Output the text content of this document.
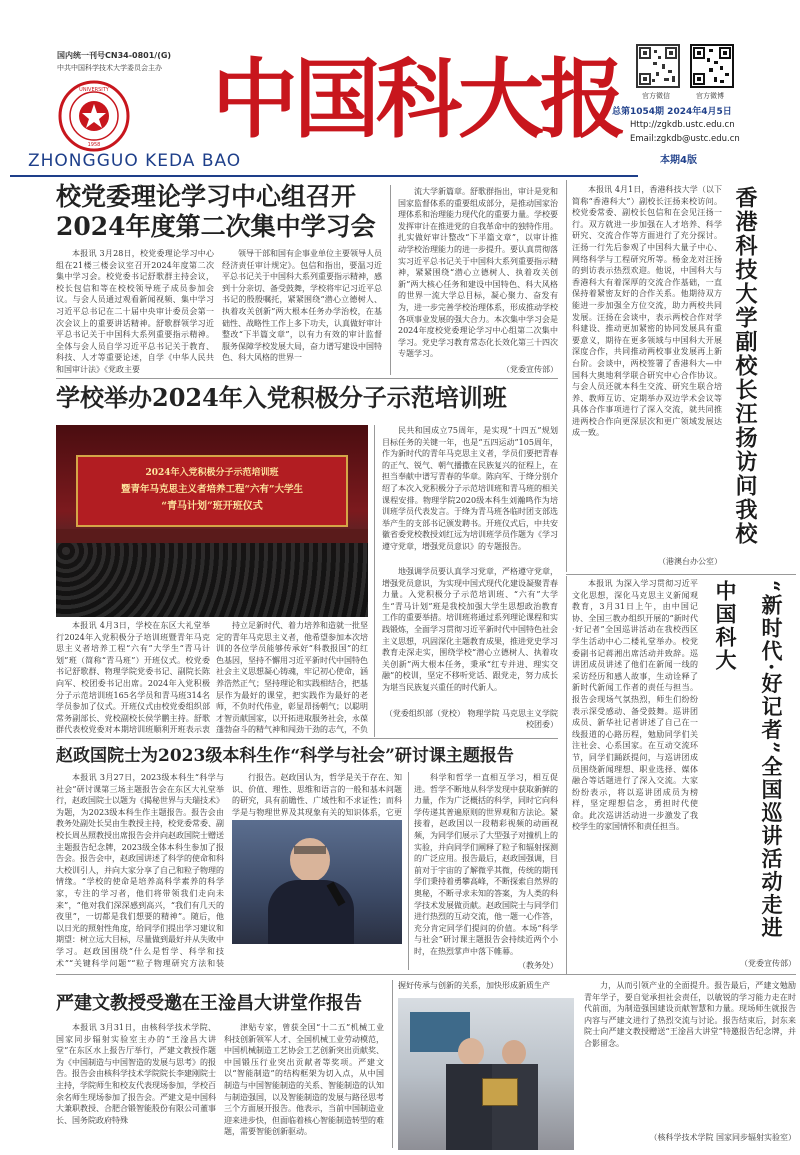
国内统一刊号CN34-0801/(G)
中共中国科学技术大学委员会主办
UNIVERSITY
1958 中国科大报
ZHONGGUO KEDA BAO
官方微信	官方微博
总第1054期 2024年4月5日
Http://zgkdb.ustc.edu.cn
Email:zgkdb@ustc.edu.cn
本期4版
校党委理论学习中心组召开
2024年度第二次集中学习会
本报讯 3月28日，校党委理论学习中心组在21楼三楼会议室召开2024年度第二次集中学习会。校党委书记舒歌群主持会议，校长包信和等在校校领导班子成员参加会议。与会人员通过观看新闻视频、集中学习习近平总书记在二十届中央审计委员会第一次会议上的重要讲话精神。舒歌群领学习近平总书记关于中国科大系列重要指示精神。全体与会人员自学习近平总书记关于教育、科技、人才等重要论述，自学《中华人民共和国审计法》《党政主要
领导干部和国有企事业单位主要领导人员经济责任审计规定》。包信和指出，要温习近平总书记关于中国科大系列重要指示精神，感到十分亲切、备受鼓舞，学校将牢记习近平总书记的殷殷嘱托，紧紧围绕“潜心立德树人、执着攻关创新”两大根本任务办学治校，在基础性、战略性工作上多下功夫，认真做好审计整改“下半篇文章”，以有力有效的审计监督服务保障学校发展大局，奋力谱写建设中国特色、科大风格的世界一
流大学新篇章。舒歌群指出，审计是党和国家监督体系的重要组成部分，是推动国家治理体系和治理能力现代化的重要力量。学校要发挥审计在推进党的自我革命中的独特作用。扎实做好审计整改“下半篇文章”，以审计推动学校治理能力的进一步提升。要认真贯彻落实习近平总书记关于中国科大系列重要指示精神，紧紧围绕“潜心立德树人、执着攻关创新”两大核心任务和建设中国特色、科大风格的世界一流大学总目标，凝心聚力、奋发有为，进一步完善学校治理体系，形成推动学校各项事业发展的强大合力。本次集中学习会是2024年度校党委理论学习中心组第二次集中学习。党史学习教育常态化长效化第三十四次专题学习。
（党委宣传部）
学校举办2024年入党积极分子示范培训班
2024年入党积极分子示范培训班
暨青年马克思主义者培养工程“六有”大学生
“青马计划”班开班仪式
本报讯 4月3日，学校在东区大礼堂举行2024年入党积极分子培训班暨青年马克思主义者培养工程“六有”大学生“青马计划”班（简称“青马班”）开班仪式。校党委书记舒歌群、物理学院党委书记、副院长陈向军、校团委书记出席。2024年入党积极分子示范培训班165名学员和青马班314名学员参加了仪式。开班仪式由校党委组织部常务副部长、党校副校长侯学鹏主持。舒歌群代表校党委对本期培训班顺利开班表示衷
持立足新时代、着力培养和造就一批坚定的青年马克思主义者，他希望参加本次培训的各位学员能够传承好“科教报国”的红色基因，坚持不懈用习近平新时代中国特色社会主义思想凝心铸魂，牢记初心使命，涵养浩然正气；坚持理论和实践相结合，把基层作为最好的课堂，把实践作为最好的老师，不负时代伟业，彰显昂扬朝气；以聪明才智贡献国家，以开拓进取服务社会，永葆蓬勃奋斗的精气神和闯劲干劲的志气，不负
民共和国成立75周年，是实现“十四五”规划目标任务的关键一年，也是“五四运动”105周年，作为新时代的青年马克思主义者，学员们要把青春的正气、锐气、朝气播撒在民族复兴的征程上，在担当奉献中谱写青春的华章。陈向军、于绛分别介绍了本次入党积极分子示范培训班和青马班的相关课程安排。物理学院2020级本科生刘瀚鸣作为培训班学员代表发言。于绛为青马班各临时团支部选举产生的支部书记颁发聘书。开班仪式后，中共安徽省委党校教授刘红远为培训班学员作题为《学习遵守党章，增强党员意识》的专题报告。
地强调学员要认真学习党章，严格遵守党章，增强党员意识，为实现中国式现代化建设凝聚青春力量。入党积极分子示范培训班、“六有”大学生“青马计划”班是我校加强大学生思想政治教育工作的重要举措。培训班将通过系列理论课程和实践锻炼，全面学习贯彻习近平新时代中国特色社会主义思想，巩固深化主题教育成果，推进党史学习教育走深走实，围绕学校“潜心立德树人、执着攻关创新”两大根本任务，秉承“红专并进、理实交融”的校训，坚定不移听党话、跟党走，努力成长为堪当民族复兴重任的时代新人。
（党委组织部（党校） 物理学院 马克思主义学院 校团委）
赵政国院士为2023级本科生作“科学与社会”研讨课主题报告
本报讯 3月27日，2023级本科生“科学与社会”研讨课第三场主题报告会在东区大礼堂举行，赵政国院士以题为《揭秘世界与夫瑞技术》为题，为2023级本科生作主题报告。报告会由教务处副处长吴由生教授主持，校党委常委、副校长周丛照教授出席报告会并向赵政国院士赠送主题报告纪念牌，2023级全体本科生参加了报告会。报告会中，赵政国讲述了科学的使命和科大校训引人，并向大家分享了自己和粒子物理的情缘。“学校的使命是培养高科学素养的科学家，专注的学习者，他们将带领我们走向未来”，“他对我们深深感到高兴，“我们有几天的夜里”，一切都是我们想要的精神”。随后，他以日光的照射性角度，给同学们提出学习建议和期望：树立远大目标，尽量做到最好并从失败中学习。赵政国围绕“什么是哲学、科学和技术”“关键科学问题”“粒子物理研究方法和装
行报告。赵政国认为，哲学是关于存在、知识、价值、理性、思维和语言的一般和基本问题的研究，具有前瞻性、广域性和不求证性；而科学是与物理世界及其现象有关的知识体系，它更
科学和哲学一直相互学习，相互促进。哲学不断地从科学发现中获取新鲜的力量，作为广泛概括的科学，同时它向科学传递其普遍原则的世界观和方法论。紧接着，赵政国以一段精彩视频的动画视频，为同学们展示了大型强子对撞机上的实验，并向同学们阐释了粒子和辐射探测的广泛应用。报告最后，赵政国强调，目前对于宇宙的了解微乎其微，传统的期刊学们秉持着勇攀高峰，不断探索自然界的奥秘，不断寻求未知的答案，为人类的科学技术发展做贡献。赵政国院士与同学们进行热烈的互动交流，他一题一心作答，充分肯定同学们提问的价值。本场“科学与社会”研讨课主题报告会持续近两个小时，在热烈掌声中落下帷幕。
（教务处）
严建文教授受邀在王淦昌大讲堂作报告
本报讯 3月31日，由核科学技术学院、国家同步辐射实验室主办的“王淦昌大讲堂”在东区水上报告厅举行，严建文教授作题为《中国制造与中国智造的发展与思考》的报告。报告会由核科学技术学院院长李建刚院士主持，学院师生和校友代表现场参加，学校百余名师生现场参加了报告会。严建文是中国科大兼职教授、合肥合锻智能股份有限公司董事长、国务院政府特殊
津贴专家，曾获全国“十二五”机械工业科技创新领军人才、全国机械工业劳动模范，中国机械制造工艺协会工艺创新突出贡献奖、中国锻压行业突出贡献者等奖项。严建文以“智能制造”的结构框架为切入点，从中国制造与中国智能制造的关系、智能制造的认知与制造强国，以及智能制造的发展与路径思考三个方面展开报告。他表示，当前中国制造业迎来进步快，但面临着核心智能制造转型的难题，需要智能创新驱动。
握好传承与创新的关系，加快形成新质生产	力，从而引领产业的全面提升。报告最后，严建文勉励青年学子，要自觉承担社会责任，以敏锐的学习能力走在时代前面，为制造强国建设贡献智慧和力量。现场师生就报告内容与严建文进行了热烈交流与讨论。报告结束后，封东来院士向严建文教授赠送“王淦昌大讲堂”特邀报告纪念牌，并合影留念。
（核科学技术学院 国家同步辐射实验室）
本报讯 4月1日，香港科技大学（以下简称“香港科大”）副校长汪扬来校访问。校党委常委、副校长包信和在会见汪扬一行。双方就进一步加强在人才培养、科学研究、交流合作等方面进行了充分探讨。汪扬一行先后参观了中国科大量子中心、网络科学与工程研究所等。杨金龙对汪扬的到访表示热烈欢迎。他说，中国科大与香港科大有着深厚的交流合作基础，一直保持着紧密友好的合作关系。他期待双方能进一步加强全方位交流，助力两校共同发展。汪扬在会谈中，表示两校合作对学科建设、推动更加紧密的协同发展具有重要意义，期待在更多领域与中国科大开展深度合作，共同推动两校事业发展再上新台阶。会谈中，两校签署了香港科大—中国科大奥地利学联合研究中心合作协议。与会人员还就本科生交流、研究生联合培养、教师互访、定期举办双边学术会议等具体合作事项进行了深入交流，就共同推进两校合作向更深层次和更广领域发展达成一致。
（港澳台办公室）
香港科技大学副校长汪扬访问我校
本报讯 为深入学习贯彻习近平文化思想，深化马克思主义新闻观教育，3月31日上午，由中国记协、全国三教办组织开展的“新时代·好记者”全国巡讲活动在我校西区学生活动中心二楼礼堂举办。校党委副书记蒋湘出席活动并致辞。巡讲团成员讲述了他们在新闻一线的采访经历和感人故事，生动诠释了新时代新闻工作者的责任与担当。报告会现场气氛热烈，师生们纷纷表示深受感动、备受鼓舞。巡讲团成员、新华社记者讲述了自己在一线报道的心路历程，勉励同学们关注社会、心系国家。在互动交流环节，同学们踊跃提问，与巡讲团成员围绕新闻理想、职业选择、媒体融合等话题进行了深入交流。大家纷纷表示，将以巡讲团成员为榜样，坚定理想信念，勇担时代使命。此次巡讲活动进一步激发了我校学生的家国情怀和责任担当。
（党委宣传部）
“新时代·好记者”全国巡讲活动走进中国科大
